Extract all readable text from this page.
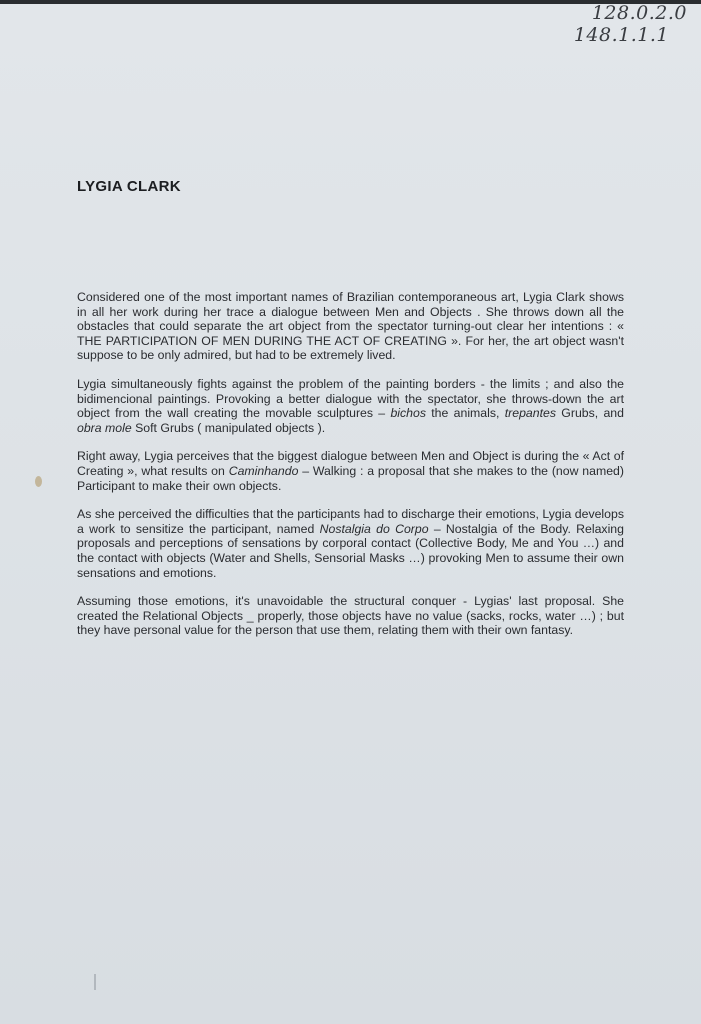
128.0.2.0
148.1.1.1
LYGIA CLARK

Considered one of the most important names of Brazilian contemporaneous art, Lygia Clark shows in all her work during her trace a dialogue between Men and Objects . She throws down all the obstacles that could separate the art object from the spectator turning-out clear her intentions : « THE PARTICIPATION OF MEN DURING THE ACT OF CREATING ». For her, the art object wasn't suppose to be only admired, but had to be extremely lived.

Lygia simultaneously fights against the problem of the painting borders - the limits ; and also the bidimencional paintings. Provoking a better dialogue with the spectator, she throws-down the art object from the wall creating the movable sculptures – bichos the animals, trepantes Grubs, and obra mole Soft Grubs ( manipulated objects ).

Right away, Lygia perceives that the biggest dialogue between Men and Object is during the « Act of Creating », what results on Caminhando – Walking : a proposal that she makes to the (now named) Participant to make their own objects.

As she perceived the difficulties that the participants had to discharge their emotions, Lygia develops a work to sensitize the participant, named Nostalgia do Corpo – Nostalgia of the Body. Relaxing proposals and perceptions of sensations by corporal contact (Collective Body, Me and You …) and the contact with objects (Water and Shells, Sensorial Masks …) provoking Men to assume their own sensations and emotions.

Assuming those emotions, it's unavoidable the structural conquer - Lygias' last proposal. She created the Relational Objects _ properly, those objects have no value (sacks, rocks, water …) ; but they have personal value for the person that use them, relating them with their own fantasy.
